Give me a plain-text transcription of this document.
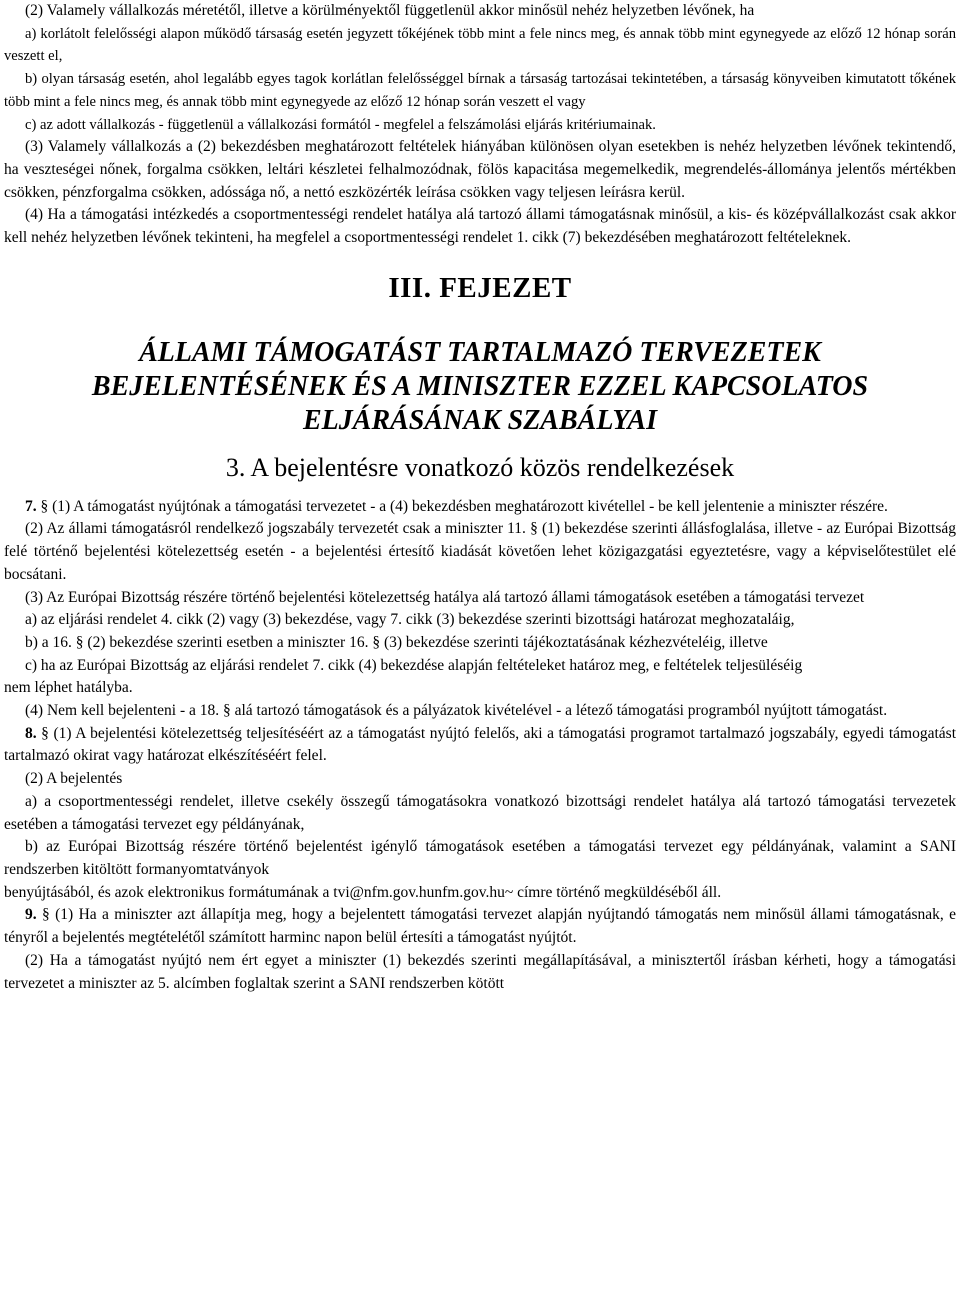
(2) Valamely vállalkozás méretétől, illetve a körülményektől függetlenül akkor minősül nehéz helyzetben lévőnek, ha

a) korlátolt felelősségi alapon működő társaság esetén jegyzett tőkéjének több mint a fele nincs meg, és annak több mint egynegyede az előző 12 hónap során veszett el,

b) olyan társaság esetén, ahol legalább egyes tagok korlátlan felelősséggel bírnak a társaság tartozásai tekintetében, a társaság könyveiben kimutatott tőkének több mint a fele nincs meg, és annak több mint egynegyede az előző 12 hónap során veszett el vagy

c) az adott vállalkozás - függetlenül a vállalkozási formától - megfelel a felszámolási eljárás kritériumainak.

(3) Valamely vállalkozás a (2) bekezdésben meghatározott feltételek hiányában különösen olyan esetekben is nehéz helyzetben lévőnek tekintendő, ha veszteségei nőnek, forgalma csökken, leltári készletei felhalmozódnak, fölös kapacitása megemelkedik, megrendelés-állománya jelentős mértékben csökken, pénzforgalma csökken, adóssága nő, a nettó eszközérték leírása csökken vagy teljesen leírásra kerül.

(4) Ha a támogatási intézkedés a csoportmentességi rendelet hatálya alá tartozó állami támogatásnak minősül, a kis- és középvállalkozást csak akkor kell nehéz helyzetben lévőnek tekinteni, ha megfelel a csoportmentességi rendelet 1. cikk (7) bekezdésében meghatározott feltételeknek.

III. FEJEZET
ÁLLAMI TÁMOGATÁST TARTALMAZÓ TERVEZETEK
BEJELENTÉSÉNEK ÉS A MINISZTER EZZEL KAPCSOLATOS
ELJÁRÁSÁNAK SZABÁLYAI
3. A bejelentésre vonatkozó közös rendelkezések

7. § (1) A támogatást nyújtónak a támogatási tervezetet - a (4) bekezdésben meghatározott kivétellel - be kell jelentenie a miniszter részére.

(2) Az állami támogatásról rendelkező jogszabály tervezetét csak a miniszter 11. § (1) bekezdése szerinti állásfoglalása, illetve - az Európai Bizottság felé történő bejelentési kötelezettség esetén - a bejelentési értesítő kiadását követően lehet közigazgatási egyeztetésre, vagy a képviselőtestület elé bocsátani.

(3) Az Európai Bizottság részére történő bejelentési kötelezettség hatálya alá tartozó állami támogatások esetében a támogatási tervezet

a) az eljárási rendelet 4. cikk (2) vagy (3) bekezdése, vagy 7. cikk (3) bekezdése szerinti bizottsági határozat meghozataláig,

b) a 16. § (2) bekezdése szerinti esetben a miniszter 16. § (3) bekezdése szerinti tájékoztatásának kézhezvételéig, illetve

c) ha az Európai Bizottság az eljárási rendelet 7. cikk (4) bekezdése alapján feltételeket határoz meg, e feltételek teljesüléséig

nem léphet hatályba.

(4) Nem kell bejelenteni - a 18. § alá tartozó támogatások és a pályázatok kivételével - a létező támogatási programból nyújtott támogatást.

8. § (1) A bejelentési kötelezettség teljesítéséért az a támogatást nyújtó felelős, aki a támogatási programot tartalmazó jogszabály, egyedi támogatást tartalmazó okirat vagy határozat elkészítéséért felel.

(2) A bejelentés

a) a csoportmentességi rendelet, illetve csekély összegű támogatásokra vonatkozó bizottsági rendelet hatálya alá tartozó támogatási tervezetek esetében a támogatási tervezet egy példányának,

b) az Európai Bizottság részére történő bejelentést igénylő támogatások esetében a támogatási tervezet egy példányának, valamint a SANI rendszerben kitöltött formanyomtatványok

benyújtásából, és azok elektronikus formátumának a tvi@nfm.gov.hunfm.gov.hu~ címre történő megküldéséből áll.

9. § (1) Ha a miniszter azt állapítja meg, hogy a bejelentett támogatási tervezet alapján nyújtandó támogatás nem minősül állami támogatásnak, e tényről a bejelentés megtételétől számított harminc napon belül értesíti a támogatást nyújtót.

(2) Ha a támogatást nyújtó nem ért egyet a miniszter (1) bekezdés szerinti megállapításával, a minisztertől írásban kérheti, hogy a támogatási tervezetet a miniszter az 5. alcímben foglaltak szerint a SANI rendszerben kötött
